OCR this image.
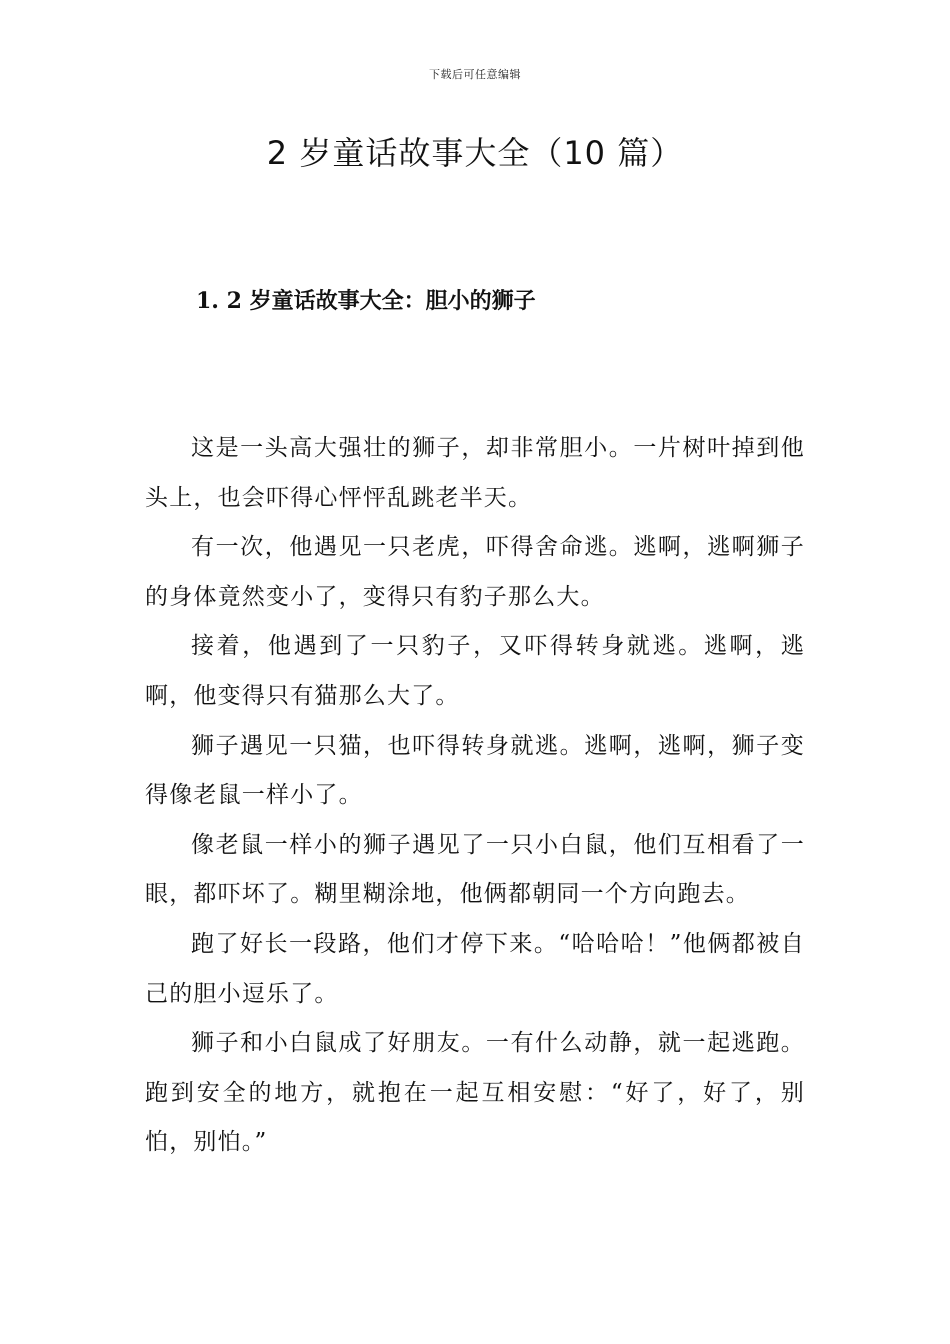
下载后可任意编辑
2 岁童话故事大全（10 篇）
1. 2 岁童话故事大全：胆小的狮子

这是一头高大强壮的狮子，却非常胆小。一片树叶掉到他头上，也会吓得心怦怦乱跳老半天。

有一次，他遇见一只老虎，吓得舍命逃。逃啊，逃啊狮子的身体竟然变小了，变得只有豹子那么大。

接着，他遇到了一只豹子，又吓得转身就逃。逃啊，逃啊，他变得只有猫那么大了。

狮子遇见一只猫，也吓得转身就逃。逃啊，逃啊，狮子变得像老鼠一样小了。

像老鼠一样小的狮子遇见了一只小白鼠，他们互相看了一眼，都吓坏了。糊里糊涂地，他俩都朝同一个方向跑去。

跑了好长一段路，他们才停下来。“哈哈哈！”他俩都被自己的胆小逗乐了。

狮子和小白鼠成了好朋友。一有什么动静，就一起逃跑。跑到安全的地方，就抱在一起互相安慰：“好了，好了，别怕，别怕。”
